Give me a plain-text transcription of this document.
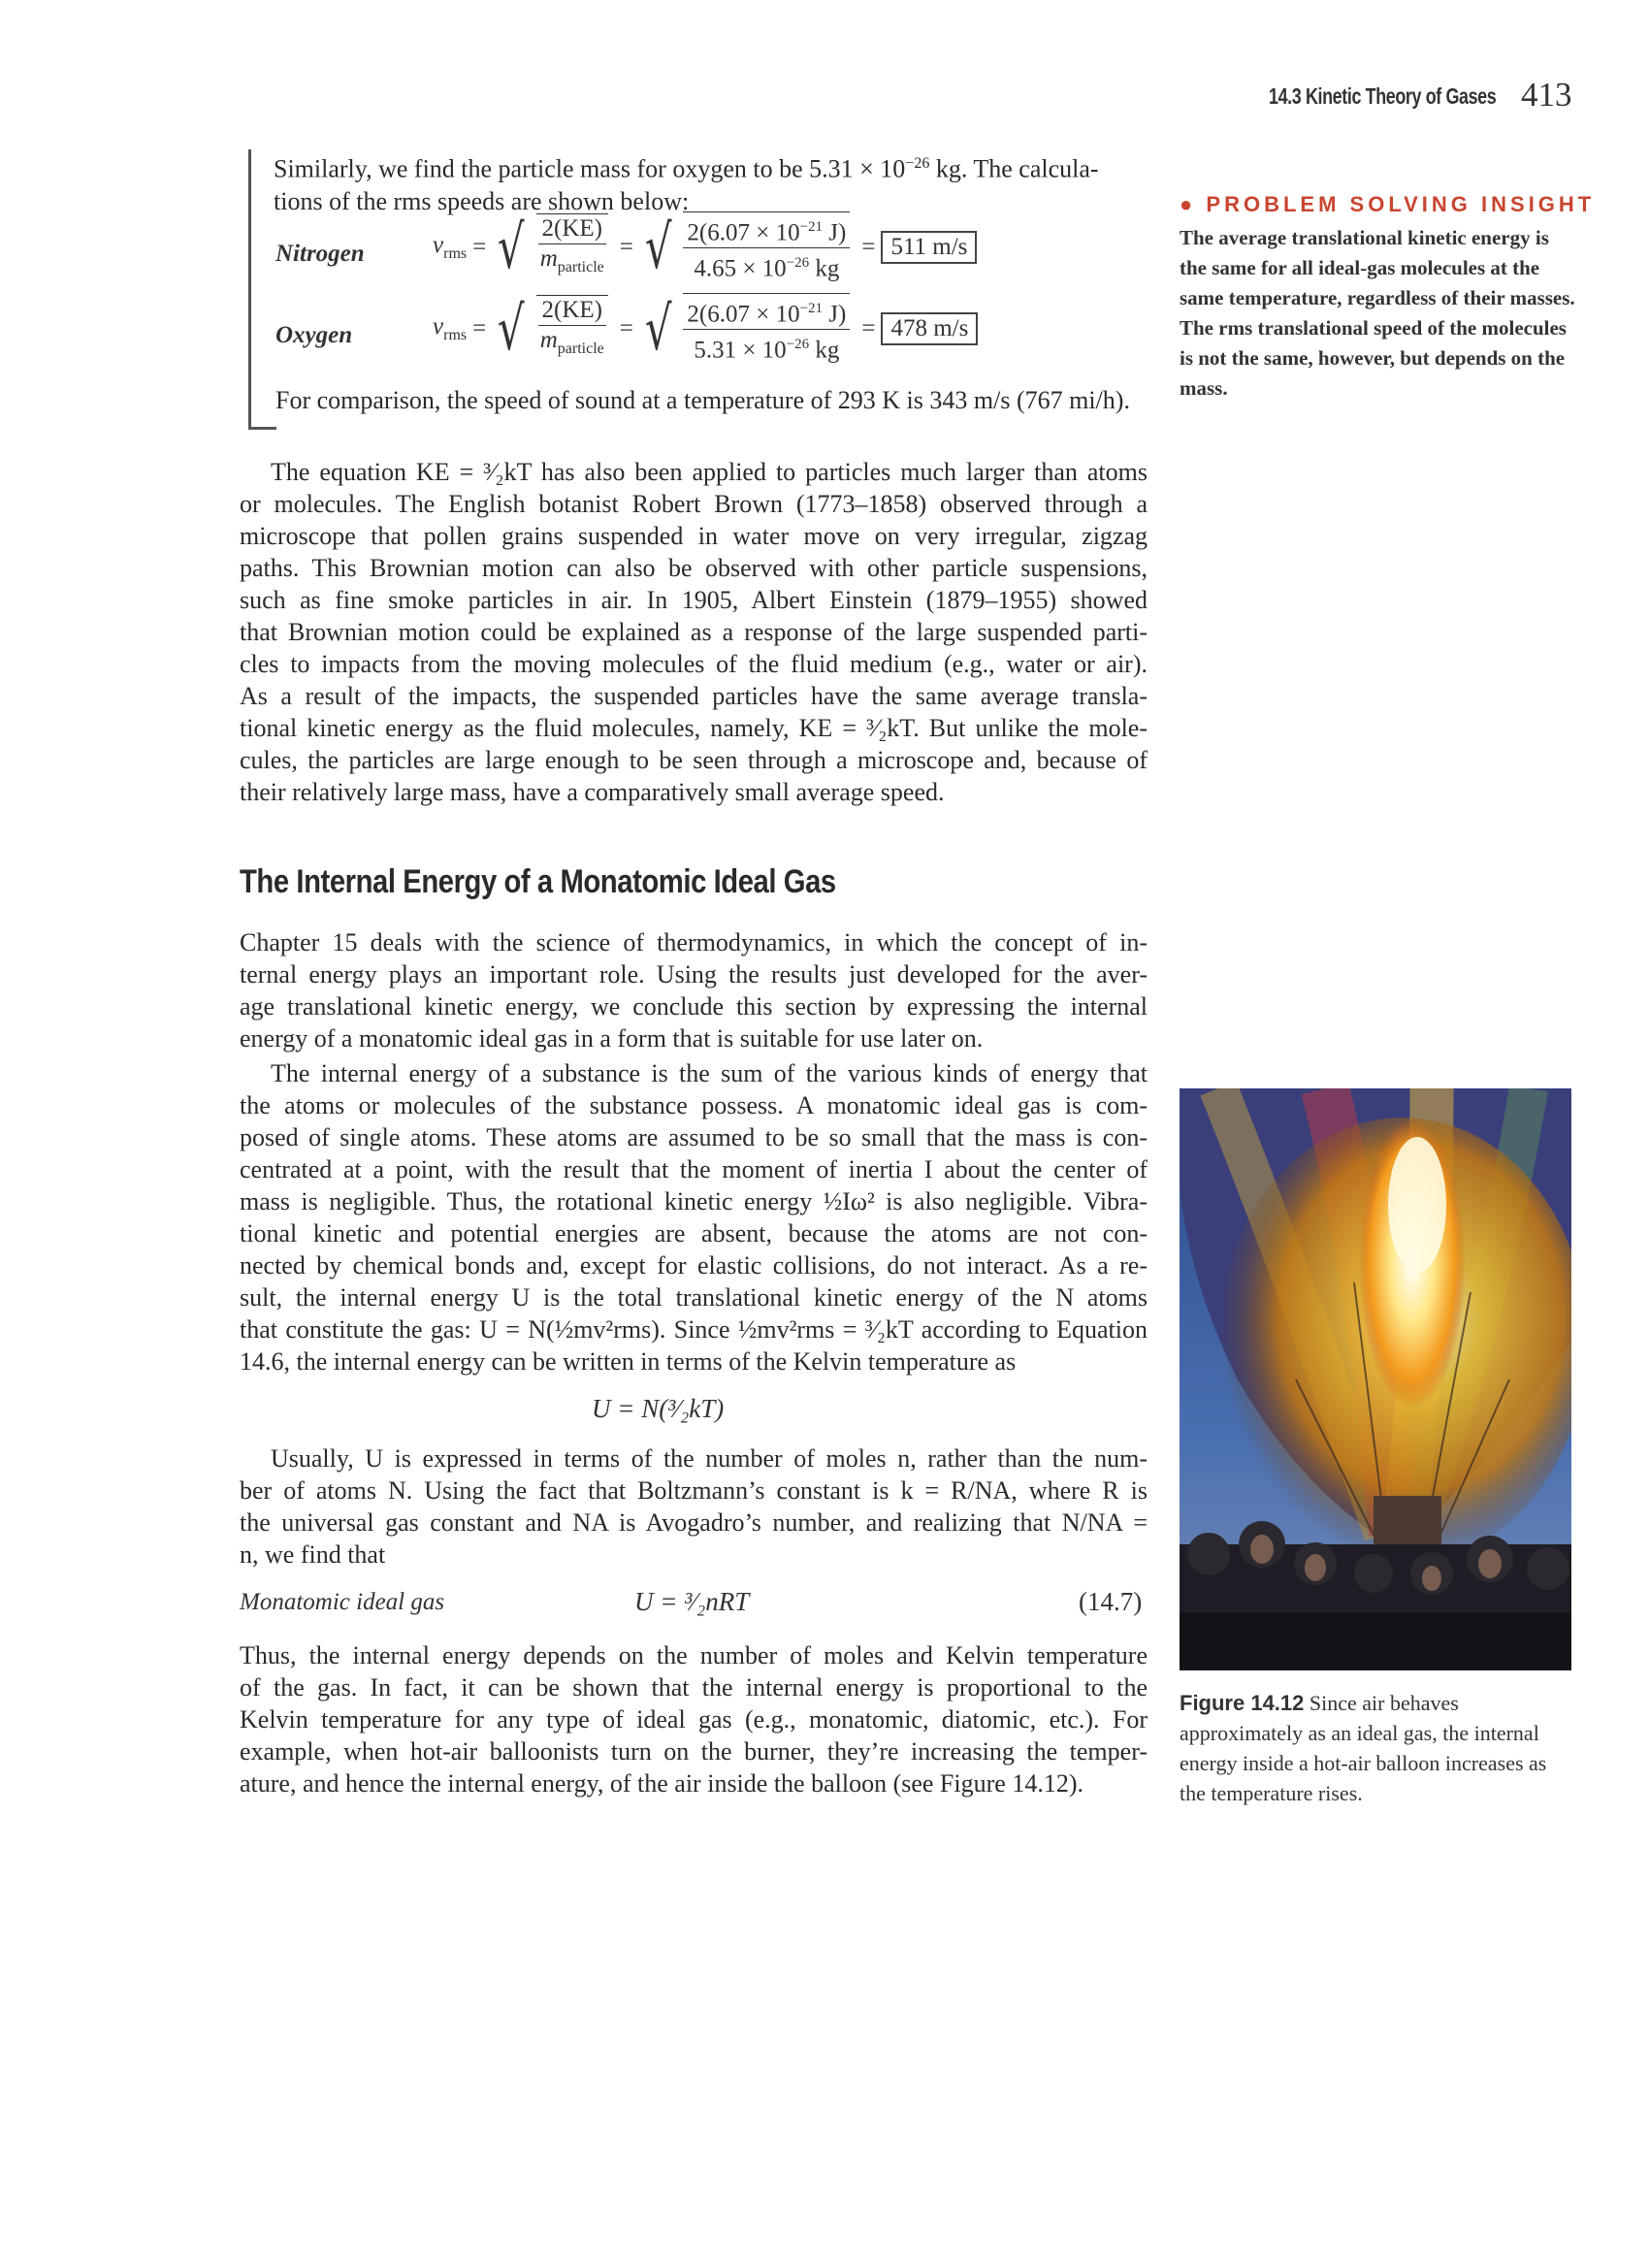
14.3 Kinetic Theory of Gases 413
Similarly, we find the particle mass for oxygen to be $5.31 \times 10^{-26}$ kg. The calcula-
tions of the rms speeds are shown below:
Nitrogen	$v_{rms}$ = √ $\frac{2(KE)}{m_{particle}}$ = √ $\frac{2(6.07 \times 10^{-21} J)}{4.65 \times 10^{-26} kg} = 511$ m/s
Oxygen	$v_{rms}$ = √ $\frac{2(KE)}{m_{particle}}$ = √ $\frac{2(6.07 \times 10^{-21} J)}{5.31 \times 10^{-26} kg} = 478$ m/s
For comparison, the speed of sound at a temperature of 293 K is 343 m/s (767 mi/h).
The equation KE = ³⁄₂kT has also been applied to particles much larger than atoms
or molecules. The English botanist Robert Brown (1773–1858) observed through a
microscope that pollen grains suspended in water move on very irregular, zigzag
paths. This Brownian motion can also be observed with other particle suspensions,
such as fine smoke particles in air. In 1905, Albert Einstein (1879–1955) showed
that Brownian motion could be explained as a response of the large suspended parti-
cles to impacts from the moving molecules of the fluid medium (e.g., water or air).
As a result of the impacts, the suspended particles have the same average transla-
tional kinetic energy as the fluid molecules, namely, KE = ³⁄₂kT. But unlike the mole-
cules, the particles are large enough to be seen through a microscope and, because of
their relatively large mass, have a comparatively small average speed.
The Internal Energy of a Monatomic Ideal Gas
Chapter 15 deals with the science of thermodynamics, in which the concept of in-
ternal energy plays an important role. Using the results just developed for the aver-
age translational kinetic energy, we conclude this section by expressing the internal
energy of a monatomic ideal gas in a form that is suitable for use later on.
The internal energy of a substance is the sum of the various kinds of energy that
the atoms or molecules of the substance possess. A monatomic ideal gas is com-
posed of single atoms. These atoms are assumed to be so small that the mass is con-
centrated at a point, with the result that the moment of inertia I about the center of
mass is negligible. Thus, the rotational kinetic energy ½Iω² is also negligible. Vibra-
tional kinetic and potential energies are absent, because the atoms are not con-
nected by chemical bonds and, except for elastic collisions, do not interact. As a re-
sult, the internal energy U is the total translational kinetic energy of the N atoms
that constitute the gas: U = N(½mv²rms). Since ½mv²rms = ³⁄₂kT according to Equation
14.6, the internal energy can be written in terms of the Kelvin temperature as
U = N(³⁄₂kT)
Usually, U is expressed in terms of the number of moles n, rather than the num-
ber of atoms N. Using the fact that Boltzmann’s constant is k = R/NA, where R is
the universal gas constant and NA is Avogadro’s number, and realizing that N/NA =
n, we find that
Monatomic ideal gas	U = ³⁄₂nRT	(14.7)
Thus, the internal energy depends on the number of moles and Kelvin temperature
of the gas. In fact, it can be shown that the internal energy is proportional to the
Kelvin temperature for any type of ideal gas (e.g., monatomic, diatomic, etc.). For
example, when hot-air balloonists turn on the burner, they’re increasing the temper-
ature, and hence the internal energy, of the air inside the balloon (see Figure 14.12).
● PROBLEM SOLVING INSIGHT
The average translational kinetic energy is the same for all ideal-gas molecules at the same temperature, regardless of their masses. The rms translational speed of the molecules is not the same, however, but depends on the mass.
Figure 14.12 Since air behaves approximately as an ideal gas, the internal energy inside a hot-air balloon increases as the temperature rises.
